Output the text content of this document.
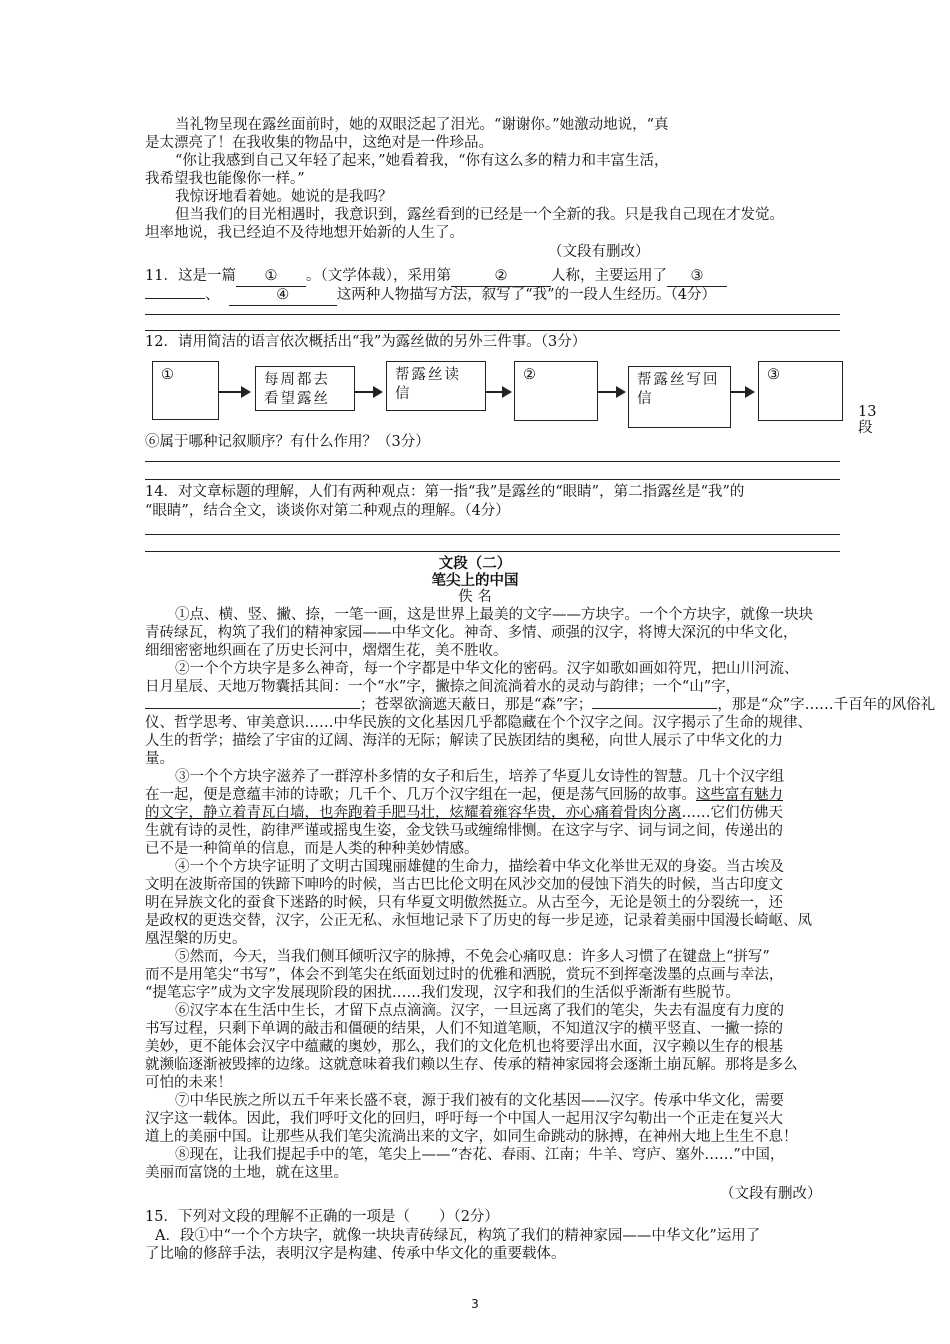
当礼物呈现在露丝面前时，她的双眼泛起了泪光。“谢谢你。”她激动地说，“真
是太漂亮了！在我收集的物品中，这绝对是一件珍品。
“你让我感到自己又年轻了起来，”她看着我，“你有这么多的精力和丰富生活，
我希望我也能像你一样。”
我惊讶地看着她。她说的是我吗？
但当我们的目光相遇时，我意识到，露丝看到的已经是一个全新的我。只是我自己现在才发觉。
坦率地说，我已经迫不及待地想开始新的人生了。
（文段有删改）
11．这是一篇 ① 。（文学体裁），采用第	②	人称，主要运用了 ③
、	④	这两种人物描写方法，叙写了“我”的一段人生经历。（4分）
12．请用简洁的语言依次概括出“我”为露丝做的另外三件事。（3分）
①	每周都去看望露丝
帮露丝读信
②	帮露丝写回信
③
13
段
⑥属于哪种记叙顺序？有什么作用？（3分）
14．对文章标题的理解，人们有两种观点：第一指“我”是露丝的“眼睛”，第二指露丝是“我”的
“眼睛”，结合全文，谈谈你对第二种观点的理解。（4分）
文段（二）
笔尖上的中国
佚 名
①点、横、竖、撇、捺，一笔一画，这是世界上最美的文字——方块字。一个个方块字，就像一块块
青砖绿瓦，构筑了我们的精神家园——中华文化。神奇、多情、顽强的汉字，将博大深沉的中华文化，
细细密密地织画在了历史长河中，熠熠生花，美不胜收。
②一个个方块字是多么神奇，每一个字都是中华文化的密码。汉字如歌如画如符咒，把山川河流、
日月星辰、天地万物囊括其间：一个“水”字，撇捺之间流淌着水的灵动与韵律；一个“山”字，
；苍翠欲滴遮天蔽日，那是“森”字；	，那是“众”字……千百年的风俗礼
仪、哲学思考、审美意识……中华民族的文化基因几乎都隐藏在个个汉字之间。汉字揭示了生命的规律、
人生的哲学；描绘了宇宙的辽阔、海洋的无际；解读了民族团结的奥秘，向世人展示了中华文化的力
量。
③一个个方块字滋养了一群淳朴多情的女子和后生，培养了华夏儿女诗性的智慧。几十个汉字组
在一起，便是意蕴丰沛的诗歌；几千个、几万个汉字组在一起，便是荡气回肠的故事。这些富有魅力
的文字，静立着青瓦白墙，也奔跑着手肥马壮，炫耀着雍容华贵，亦心痛着骨肉分离……它们仿佛天
生就有诗的灵性，韵律严谨或摇曳生姿，金戈铁马或缠绵悱恻。在这字与字、词与词之间，传递出的
已不是一种简单的信息，而是人类的种种美妙情感。
④一个个方块字证明了文明古国瑰丽雄健的生命力，描绘着中华文化举世无双的身姿。当古埃及
文明在波斯帝国的铁蹄下呻吟的时候，当古巴比伦文明在风沙交加的侵蚀下消失的时候，当古印度文
明在异族文化的蚕食下迷路的时候，只有华夏文明傲然挺立。从古至今，无论是领土的分裂统一，还
是政权的更迭交替，汉字，公正无私、永恒地记录下了历史的每一步足迹，记录着美丽中国漫长崎岖、凤
凰涅槃的历史。
⑤然而，今天，当我们侧耳倾听汉字的脉搏，不免会心痛叹息：许多人习惯了在键盘上“拼写”
而不是用笔尖“书写”，体会不到笔尖在纸面划过时的优雅和洒脱，赏玩不到挥毫泼墨的点画与幸法，
“提笔忘字”成为文字发展现阶段的困扰……我们发现，汉字和我们的生活似乎渐渐有些脱节。
⑥汉字本在生活中生长，才留下点点滴滴。汉字，一旦远离了我们的笔尖，失去有温度有力度的
书写过程，只剩下单调的敲击和僵硬的结果，人们不知道笔顺，不知道汉字的横平竖直、一撇一捺的
美妙，更不能体会汉字中蕴藏的奥妙，那么，我们的文化危机也将要浮出水面，汉字赖以生存的根基
就濒临逐渐被毁摔的边缘。这就意味着我们赖以生存、传承的精神家园将会逐渐土崩瓦解。那将是多么
可怕的未来！
⑦中华民族之所以五千年来长盛不衰，源于我们被有的文化基因——汉字。传承中华文化，需要
汉字这一载体。因此，我们呼吁文化的回归，呼吁每一个中国人一起用汉字勾勒出一个正走在复兴大
道上的美丽中国。让那些从我们笔尖流淌出来的文字，如同生命跳动的脉搏，在神州大地上生生不息！
⑧现在，让我们提起手中的笔，笔尖上——“杏花、春雨、江南；牛羊、穹庐、塞外……”中国，
美丽而富饶的土地，就在这里。
（文段有删改）
15．下列对文段的理解不正确的一项是（　　）（2分）
A．段①中“一个个方块字，就像一块块青砖绿瓦，构筑了我们的精神家园——中华文化”运用了
了比喻的修辞手法，表明汉字是构建、传承中华文化的重要载体。
3
